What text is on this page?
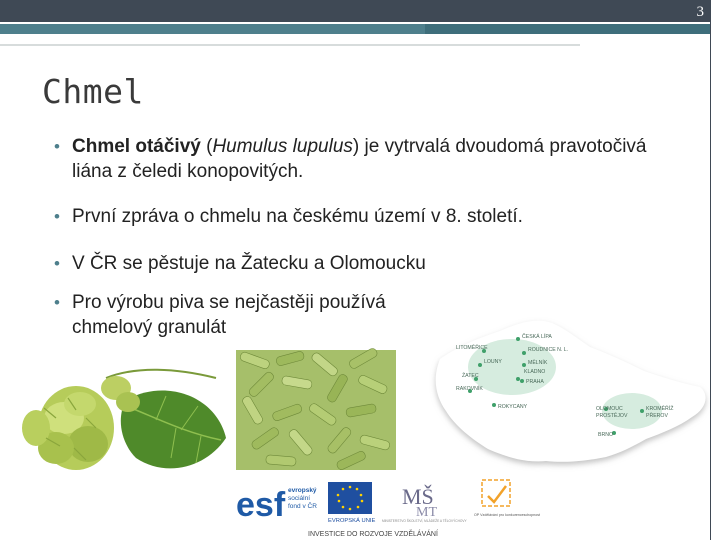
3
Chmel
• Chmel otáčivý (Humulus lupulus) je vytrvalá dvoudomá pravotočivá liána z čeledi konopovitých.
• První zpráva o chmelu na českému území v 8. století.
• V ČR se pěstuje na Žatecku a Olomoucku
• Pro výrobu piva se nejčastěji používá chmelový granulát
LITOMĚŘICE
LOUNY
ŽATEC
RAKOVNÍK
ROKYCANY
ČESKÁ LÍPA
ROUDNICE N. L.
MĚLNÍK
KLADNO
PRAHA
OLOMOUC
PROSTĚJOV
KROMĚŘÍŽ
PŘEROV
BRNO
esf evropský
sociální
fond v ČR
EVROPSKÁ UNIE
MŠ
MT
MINISTERSTVO ŠKOLSTVÍ, MLÁDEŽE A TĚLOVÝCHOVY
OP Vzdělávání pro konkurenceschopnost
INVESTICE DO ROZVOJE VZDĚLÁVÁNÍ
